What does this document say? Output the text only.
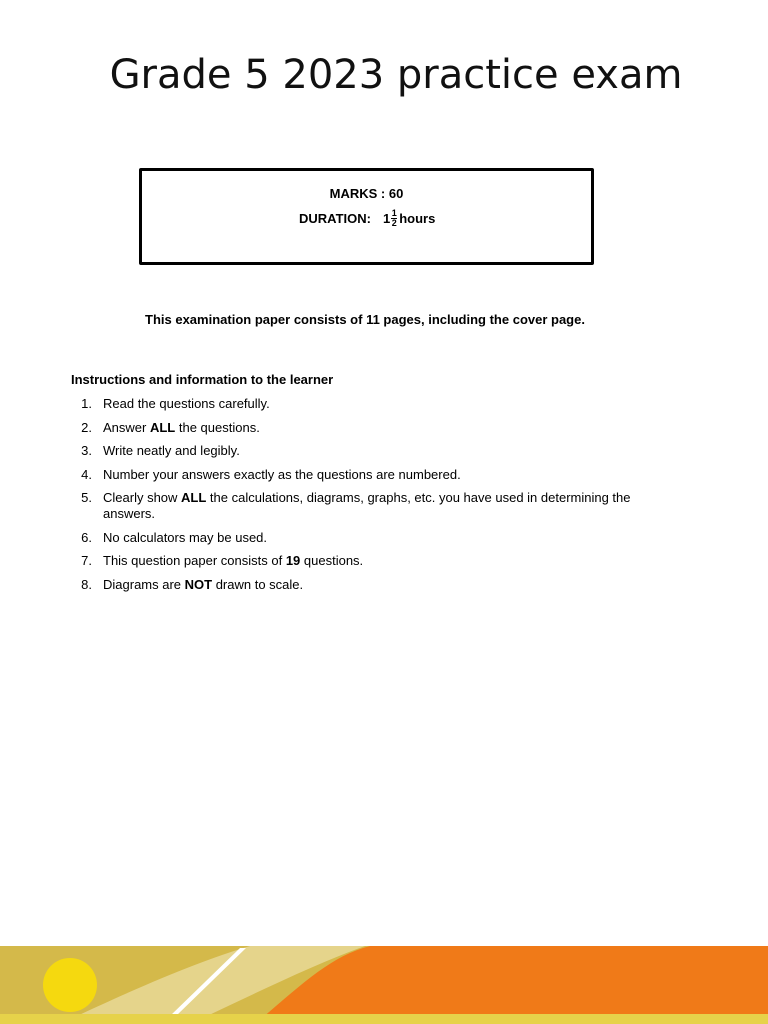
Grade 5 2023 practice exam
MARKS : 60
DURATION: $1 \frac{1}{2}$ hours
This examination paper consists of 11 pages, including the cover page.
Instructions and information to the learner
1. Read the questions carefully.
2. Answer ALL the questions.
3. Write neatly and legibly.
4. Number your answers exactly as the questions are numbered.
5. Clearly show ALL the calculations, diagrams, graphs, etc. you have used in determining the answers.
6. No calculators may be used.
7. This question paper consists of 19 questions.
8. Diagrams are NOT drawn to scale.
